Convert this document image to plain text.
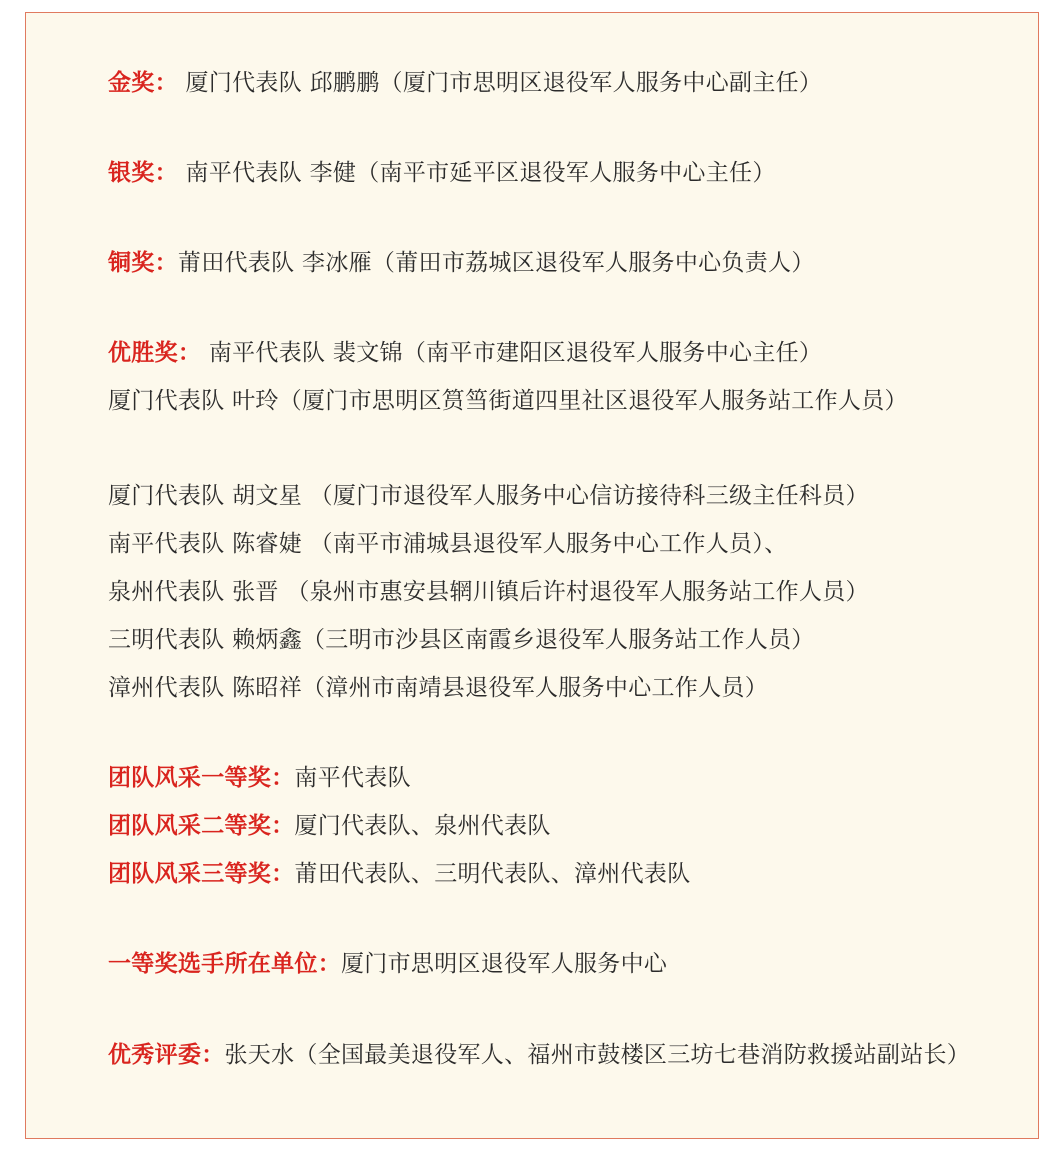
金奖： 厦门代表队 邱鹏鹏（厦门市思明区退役军人服务中心副主任）
银奖： 南平代表队 李健（南平市延平区退役军人服务中心主任）
铜奖：莆田代表队 李冰雁（莆田市荔城区退役军人服务中心负责人）
优胜奖： 南平代表队 裴文锦（南平市建阳区退役军人服务中心主任）
厦门代表队 叶玲（厦门市思明区筼筜街道四里社区退役军人服务站工作人员）
厦门代表队 胡文星 （厦门市退役军人服务中心信访接待科三级主任科员）
南平代表队 陈睿婕 （南平市浦城县退役军人服务中心工作人员）、
泉州代表队 张晋 （泉州市惠安县辋川镇后许村退役军人服务站工作人员）
三明代表队 赖炳鑫（三明市沙县区南霞乡退役军人服务站工作人员）
漳州代表队 陈昭祥（漳州市南靖县退役军人服务中心工作人员）
团队风采一等奖：南平代表队
团队风采二等奖：厦门代表队、泉州代表队
团队风采三等奖：莆田代表队、三明代表队、漳州代表队
一等奖选手所在单位：厦门市思明区退役军人服务中心
优秀评委：张天水（全国最美退役军人、福州市鼓楼区三坊七巷消防救援站副站长）
